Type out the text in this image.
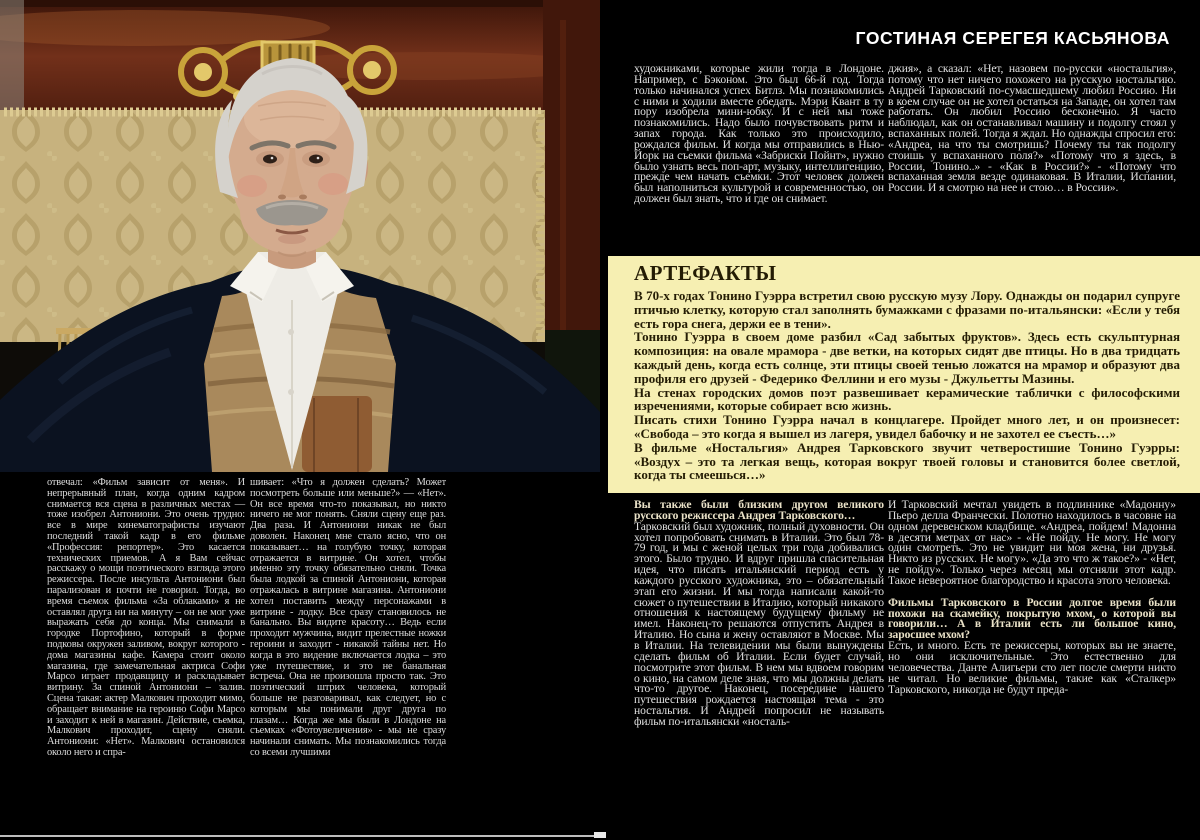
отвечал: «Фильм зависит от меня». И непрерывный план, когда одним кадром снимается вся сцена в различных местах — тоже изобрел Антониони. Это очень трудно: все в мире кинематографисты изучают последний такой кадр в его фильме «Профессия: репортер». Это касается технических приемов. А я Вам сейчас расскажу о мощи поэтического взгляда этого режиссера. После инсульта Антониони был парализован и почти не говорил. Тогда, во время съемок фильма «За облаками» я не оставлял друга ни на минуту – он не мог уже выражать себя до конца. Мы снимали в городке Портофино, который в форме подковы окружен заливом, вокруг которого - дома магазины кафе. Камера стоит около магазина, где замечательная актриса Софи Марсо играет продавщицу и раскладывает витрину. За спиной Антониони – залив. Сцена такая: актер Малкович проходит мимо, обращает внимание на героиню Софи Марсо и заходит к ней в магазин. Действие, съемка, Малкович проходит, сцену сняли. Антониони: «Нет». Малкович остановился около него и спра-
шивает: «Что я должен сделать? Может посмотреть больше или меньше?» — «Нет». Он все время что-то показывал, но никто ничего не мог понять. Сняли сцену еще раз. Два раза. И Антониони никак не был доволен. Наконец мне стало ясно, что он показывает… на голубую точку, которая отражается в витрине. Он хотел, чтобы именно эту точку обязательно сняли. Точка была лодкой за спиной Антониони, которая отражалась в витрине магазина. Антониони хотел поставить между персонажами в витрине - лодку. Все сразу становилось не банально. Вы видите красоту… Ведь если проходит мужчина, видит прелестные ножки героини и заходит - никакой тайны нет. Но когда в это видение включается лодка – это уже путешествие, и это не банальная встреча. Она не произошла просто так. Это поэтический штрих человека, который больше не разговаривал, как следует, но с которым мы понимали друг друга по глазам… Когда же мы были в Лондоне на съемках «Фотоувеличения» - мы не сразу начинали снимать. Мы познакомились тогда со всеми лучшими
ГОСТИНАЯ СЕРЕГЕЯ КАСЬЯНОВА
художниками, которые жили тогда в Лондоне. Например, с Бэконом. Это был 66-й год. Тогда только начинался успех Битлз. Мы познакомились с ними и ходили вместе обедать. Мэри Квант в ту пору изобрела мини-юбку. И с ней мы тоже познакомились. Надо было почувствовать ритм и запах города. Как только это происходило, рождался фильм. И когда мы отправились в Нью-Йорк на съемки фильма «Забриски Пойнт», нужно было узнать весь поп-арт, музыку, интеллигенцию, прежде чем начать съемки. Этот человек должен был наполниться культурой и современностью, он должен был знать, что и где он снимает.
джия», а сказал: «Нет, назовем по-русски «ностальгия», потому что нет ничего похожего на русскую ностальгию. Андрей Тарковский по-сумасшедшему любил Россию. Ни в коем случае он не хотел остаться на Западе, он хотел там работать. Он любил Россию бесконечно. Я часто наблюдал, как он останавливал машину и подолгу стоял у вспаханных полей. Тогда я ждал. Но однажды спросил его: «Андреа, на что ты смотришь? Почему ты так подолгу стоишь у вспаханного поля?» «Потому что я здесь, в России, Тонино..» - «Как в России?» - «Потому что вспаханная земля везде одинаковая. В Италии, Испании, России. И я смотрю на нее и стою… в России».
АРТЕФАКТЫ

В 70-х годах Тонино Гуэрра встретил свою русскую музу Лору. Однажды он подарил супруге птичью клетку, которую стал заполнять бумажками с фразами по-итальянски: «Если у тебя есть гора снега, держи ее в тени».

Тонино Гуэрра в своем доме разбил «Сад забытых фруктов». Здесь есть скульптурная композиция: на овале мрамора - две ветки, на которых сидят две птицы. Но в два тридцать каждый день, когда есть солнце, эти птицы своей тенью ложатся на мрамор и образуют два профиля его друзей - Федерико Феллини и его музы - Джульетты Мазины.

На стенах городских домов поэт развешивает керамические таблички с философскими изречениями, которые собирает всю жизнь.

Писать стихи Тонино Гуэрра начал в концлагере. Пройдет много лет, и он произнесет: «Свобода – это когда я вышел из лагеря, увидел бабочку и не захотел ее съесть…»

В фильме «Ностальгия» Андрея Тарковского звучит четверостишие Тонино Гуэрры: «Воздух – это та легкая вещь, которая вокруг твоей головы и становится более светлой, когда ты смеешься…»

Вы также были близким другом великого русского режиссера Андрея Тарковского…
Тарковский был художник, полный духовности. Он хотел попробовать снимать в Италии. Это был 78-79 год, и мы с женой целых три года добивались этого. Было трудно. И вдруг пришла спасительная идея, что писать итальянский период есть у каждого русского художника, это – обязательный этап его жизни. И мы тогда написали какой-то сюжет о путешествии в Италию, который никакого отношения к настоящему будущему фильму не имел. Наконец-то решаются отпустить Андрея в Италию. Но сына и жену оставляют в Москве. Мы в Италии. На телевидении мы были вынуждены сделать фильм об Италии. Если будет случай, посмотрите этот фильм. В нем мы вдвоем говорим о кино, на самом деле зная, что мы должны делать что-то другое. Наконец, посередине нашего путешествия рождается настоящая тема - это ностальгия. И Андрей попросил не называть фильм по-итальянски «носталь-
И Тарковский мечтал увидеть в подлиннике «Мадонну» Пьеро делла Франчески. Полотно находилось в часовне на одном деревенском кладбище. «Андреа, пойдем! Мадонна в десяти метрах от нас» - «Не пойду. Не могу. Не могу один смотреть. Это не увидит ни моя жена, ни друзья. Никто из русских. Не могу». «Да это что ж такое?» - «Нет, не пойду». Только через месяц мы отсняли этот кадр. Такое невероятное благородство и красота этого человека.
Фильмы Тарковского в России долгое время были похожи на скамейку, покрытую мхом, о которой вы говорили… А в Италии есть ли большое кино, заросшее мхом?
Есть, и много. Есть те режиссеры, которых вы не знаете, но они исключительные. Это естественно для человечества. Данте Алигьери сто лет после смерти никто не читал. Но великие фильмы, такие как «Сталкер» Тарковского, никогда не будут преда-
